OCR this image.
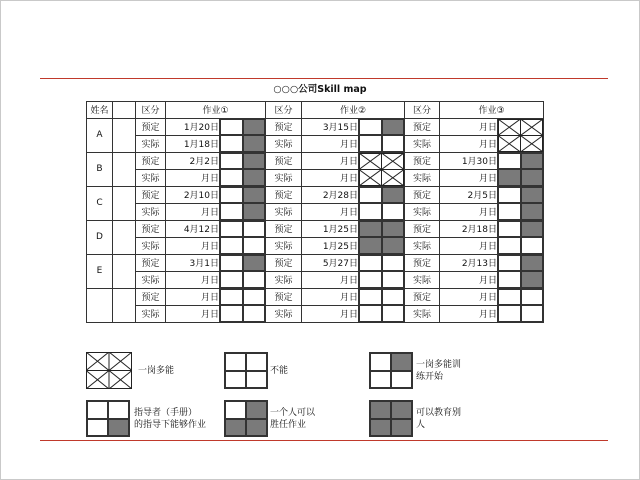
○○○公司Skill map
姓名		区分	作业①		区分	作业②		区分	作业③	
A		预定	1月20日		预定	3月15日		预定	月日	

		实际	1月18日		实际	月日		实际	月日	
B		预定	2月2日		预定	月日		预定	1月30日	

		实际	月日		实际	月日		实际	月日	
C		预定	2月10日		预定	2月28日		预定	2月5日	

		实际	月日		实际	月日		实际	月日	
D		预定	4月12日		预定	1月25日		预定	2月18日	

		实际	月日		实际	1月25日		实际	月日	
E		预定	3月1日		预定	5月27日		预定	2月13日	

		实际	月日		实际	月日		实际	月日	
		预定	月日		预定	月日		预定	月日	

		实际	月日		实际	月日		实际	月日	
一岗多能	不能
一岗多能训
练开始
指导者（手册）
的指导下能够作业
一个人可以
胜任作业
可以教育别
人
